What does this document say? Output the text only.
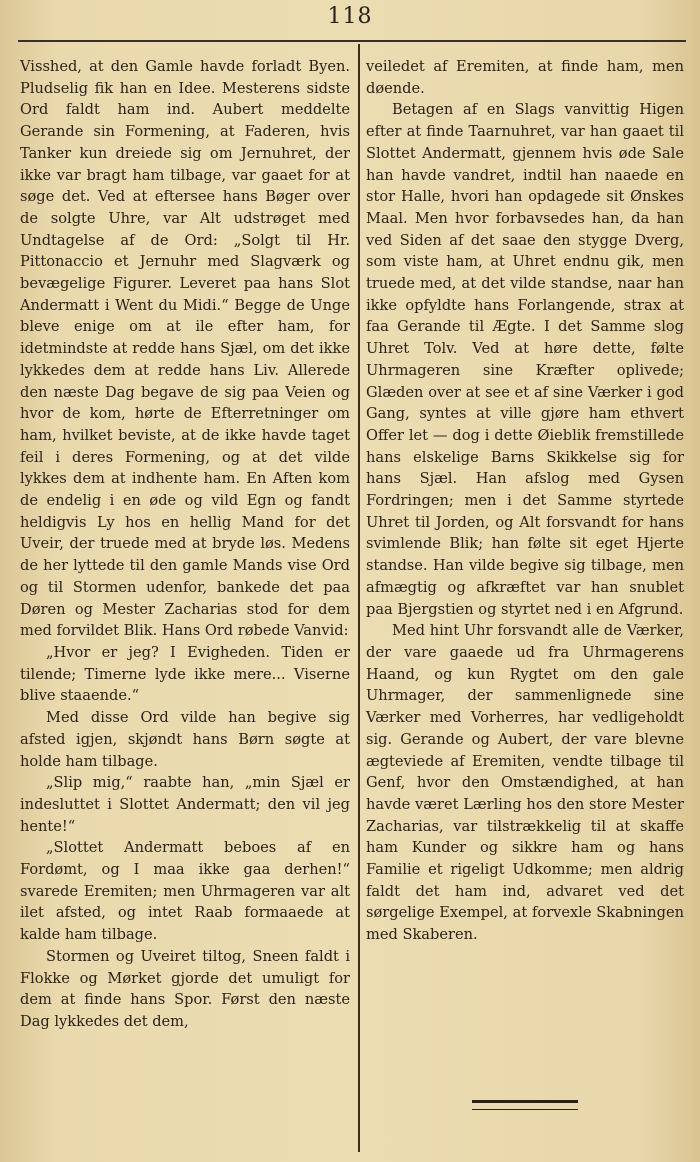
118

Visshed, at den Gamle havde forladt Byen. Pludselig fik han en Idee. Mesterens sidste Ord faldt ham ind. Aubert meddelte Gerande sin Formening, at Faderen, hvis Tanker kun dreiede sig om Jernuhret, der ikke var bragt ham tilbage, var gaaet for at søge det. Ved at eftersee hans Bøger over de solgte Uhre, var Alt udstrøget med Undtagelse af de Ord: „Solgt til Hr. Pittonaccio et Jernuhr med Slagværk og bevægelige Figurer. Leveret paa hans Slot Andermatt i Went du Midi.“ Begge de Unge bleve enige om at ile efter ham, for idetmindste at redde hans Sjæl, om det ikke lykkedes dem at redde hans Liv. Allerede den næste Dag begave de sig paa Veien og hvor de kom, hørte de Efterretninger om ham, hvilket beviste, at de ikke havde taget feil i deres Formening, og at det vilde lykkes dem at indhente ham. En Aften kom de endelig i en øde og vild Egn og fandt heldigvis Ly hos en hellig Mand for det Uveir, der truede med at bryde løs. Medens de her lyttede til den gamle Mands vise Ord og til Stormen udenfor, bankede det paa Døren og Mester Zacharias stod for dem med forvildet Blik. Hans Ord røbede Vanvid:

„Hvor er jeg? I Evigheden. Tiden er tilende; Timerne lyde ikke mere... Viserne blive staaende.“

Med disse Ord vilde han begive sig afsted igjen, skjøndt hans Børn søgte at holde ham tilbage.

„Slip mig,“ raabte han, „min Sjæl er indesluttet i Slottet Andermatt; den vil jeg hente!“

„Slottet Andermatt beboes af en Fordømt, og I maa ikke gaa derhen!“ svarede Eremiten; men Uhrmageren var alt ilet afsted, og intet Raab formaaede at kalde ham tilbage.

Stormen og Uveiret tiltog, Sneen faldt i Flokke og Mørket gjorde det umuligt for dem at finde hans Spor. Først den næste Dag lykkedes det dem,

veiledet af Eremiten, at finde ham, men døende.

Betagen af en Slags vanvittig Higen efter at finde Taarnuhret, var han gaaet til Slottet Andermatt, gjennem hvis øde Sale han havde vandret, indtil han naaede en stor Halle, hvori han opdagede sit Ønskes Maal. Men hvor forbavsedes han, da han ved Siden af det saae den stygge Dverg, som viste ham, at Uhret endnu gik, men truede med, at det vilde standse, naar han ikke opfyldte hans Forlangende, strax at faa Gerande til Ægte. I det Samme slog Uhret Tolv. Ved at høre dette, følte Uhrmageren sine Kræfter oplivede; Glæden over at see et af sine Værker i god Gang, syntes at ville gjøre ham ethvert Offer let — dog i dette Øieblik fremstillede hans elskelige Barns Skikkelse sig for hans Sjæl. Han afslog med Gysen Fordringen; men i det Samme styrtede Uhret til Jorden, og Alt forsvandt for hans svimlende Blik; han følte sit eget Hjerte standse. Han vilde begive sig tilbage, men afmægtig og afkræftet var han snublet paa Bjergstien og styrtet ned i en Afgrund.

Med hint Uhr forsvandt alle de Værker, der vare gaaede ud fra Uhrmagerens Haand, og kun Rygtet om den gale Uhrmager, der sammenlignede sine Værker med Vorherres, har vedligeholdt sig. Gerande og Aubert, der vare blevne ægteviede af Eremiten, vendte tilbage til Genf, hvor den Omstændighed, at han havde været Lærling hos den store Mester Zacharias, var tilstrækkelig til at skaffe ham Kunder og sikkre ham og hans Familie et rigeligt Udkomme; men aldrig faldt det ham ind, advaret ved det sørgelige Exempel, at forvexle Skabningen med Skaberen.
